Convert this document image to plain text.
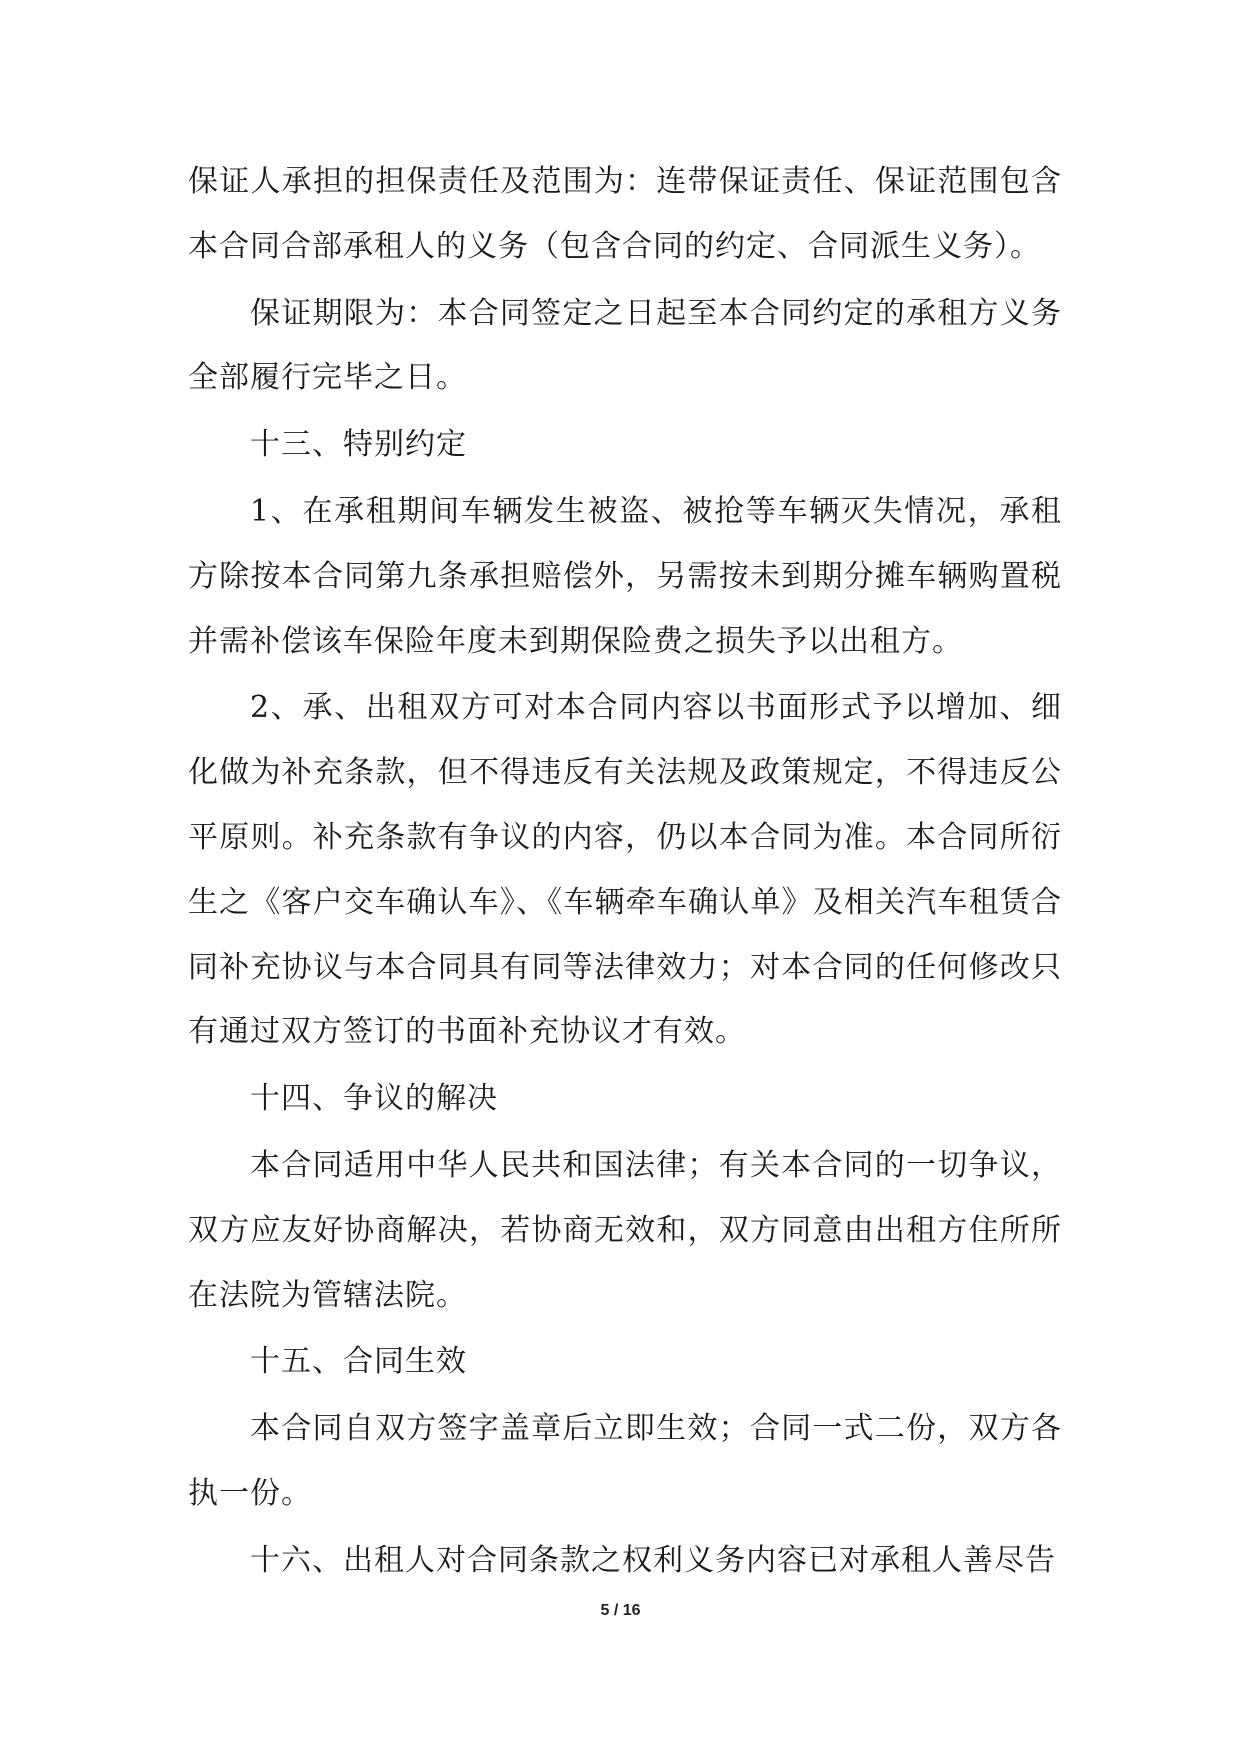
保证人承担的担保责任及范围为：连带保证责任、保证范围包含本合同合部承租人的义务（包含合同的约定、合同派生义务）。

保证期限为：本合同签定之日起至本合同约定的承租方义务全部履行完毕之日。

十三、特别约定

1、在承租期间车辆发生被盗、被抢等车辆灭失情况，承租方除按本合同第九条承担赔偿外，另需按未到期分摊车辆购置税并需补偿该车保险年度未到期保险费之损失予以出租方。

2、承、出租双方可对本合同内容以书面形式予以增加、细化做为补充条款，但不得违反有关法规及政策规定，不得违反公平原则。补充条款有争议的内容，仍以本合同为准。本合同所衍生之《客户交车确认车》、《车辆牵车确认单》及相关汽车租赁合同补充协议与本合同具有同等法律效力；对本合同的任何修改只有通过双方签订的书面补充协议才有效。

十四、争议的解决

本合同适用中华人民共和国法律；有关本合同的一切争议，双方应友好协商解决，若协商无效和，双方同意由出租方住所所在法院为管辖法院。

十五、合同生效

本合同自双方签字盖章后立即生效；合同一式二份，双方各执一份。

十六、出租人对合同条款之权利义务内容已对承租人善尽告

5 / 16
